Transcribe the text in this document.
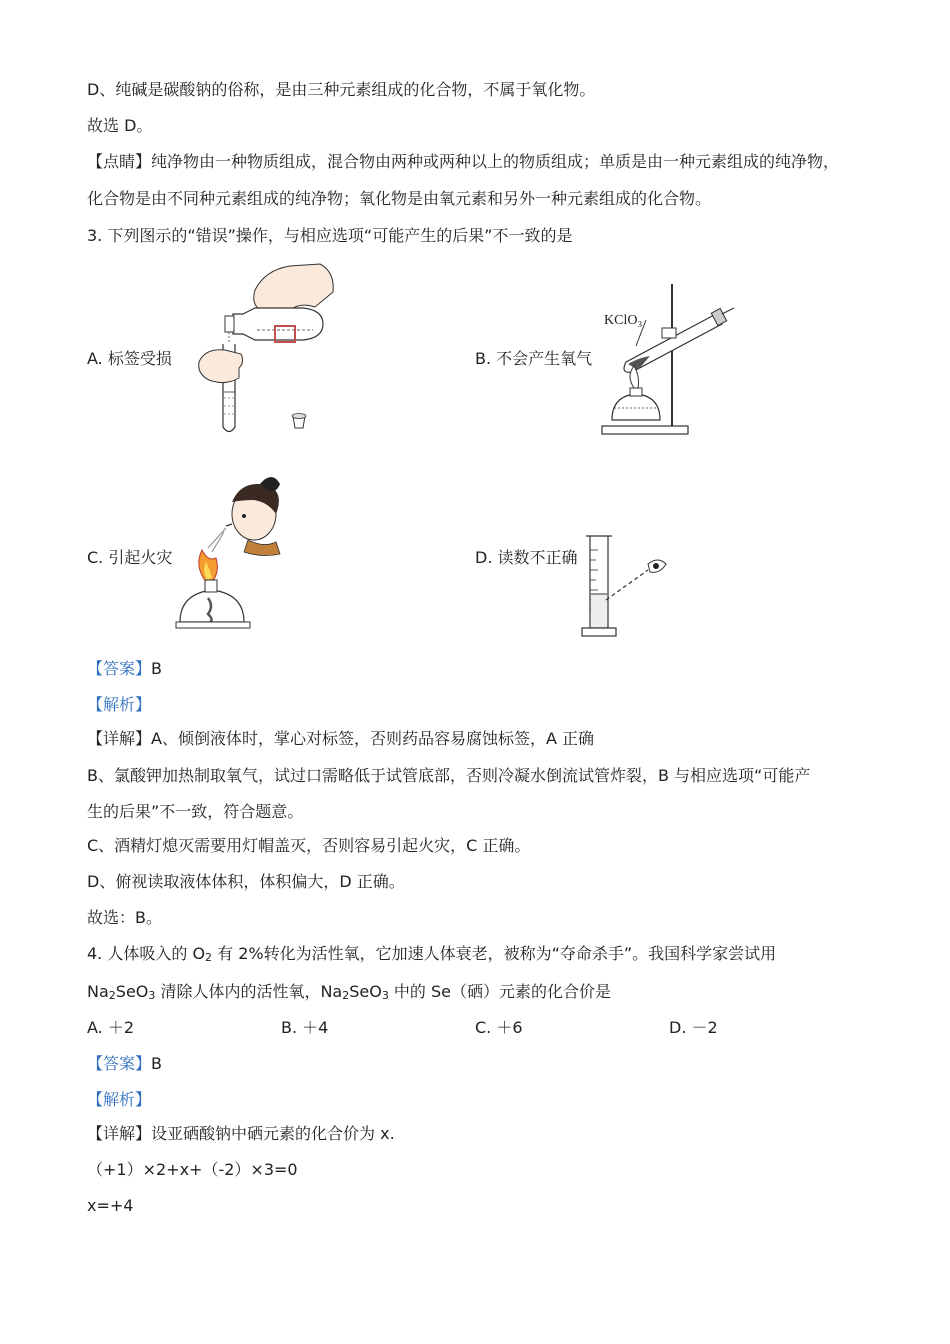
D、纯碱是碳酸钠的俗称，是由三种元素组成的化合物，不属于氧化物。
故选 D。
【点睛】纯净物由一种物质组成，混合物由两种或两种以上的物质组成；单质是由一种元素组成的纯净物，
化合物是由不同种元素组成的纯净物；氧化物是由氧元素和另外一种元素组成的化合物。
3. 下列图示的“错误”操作，与相应选项“可能产生的后果”不一致的是
A. 标签受损	B. 不会产生氧气
C. 引起火灾	D. 读数不正确
KClO₃
【答案】B
【解析】
【详解】A、倾倒液体时，掌心对标签，否则药品容易腐蚀标签，A 正确
B、氯酸钾加热制取氧气，试过口需略低于试管底部，否则冷凝水倒流试管炸裂，B 与相应选项“可能产
生的后果”不一致，符合题意。
C、酒精灯熄灭需要用灯帽盖灭，否则容易引起火灾，C 正确。
D、俯视读取液体体积，体积偏大，D 正确。
故选：B。
4. 人体吸入的 $O_2$ 有 2%转化为活性氧，它加速人体衰老，被称为“夺命杀手”。我国科学家尝试用
$Na_2SeO_3$ 清除人体内的活性氧，$Na_2SeO_3$ 中的 Se（硒）元素的化合价是
A. ＋2	B. ＋4	C. ＋6	D. －2
【答案】B
【解析】
【详解】设亚硒酸钠中硒元素的化合价为 x.
（+1）×2+x+（-2）×3=0
x=+4
